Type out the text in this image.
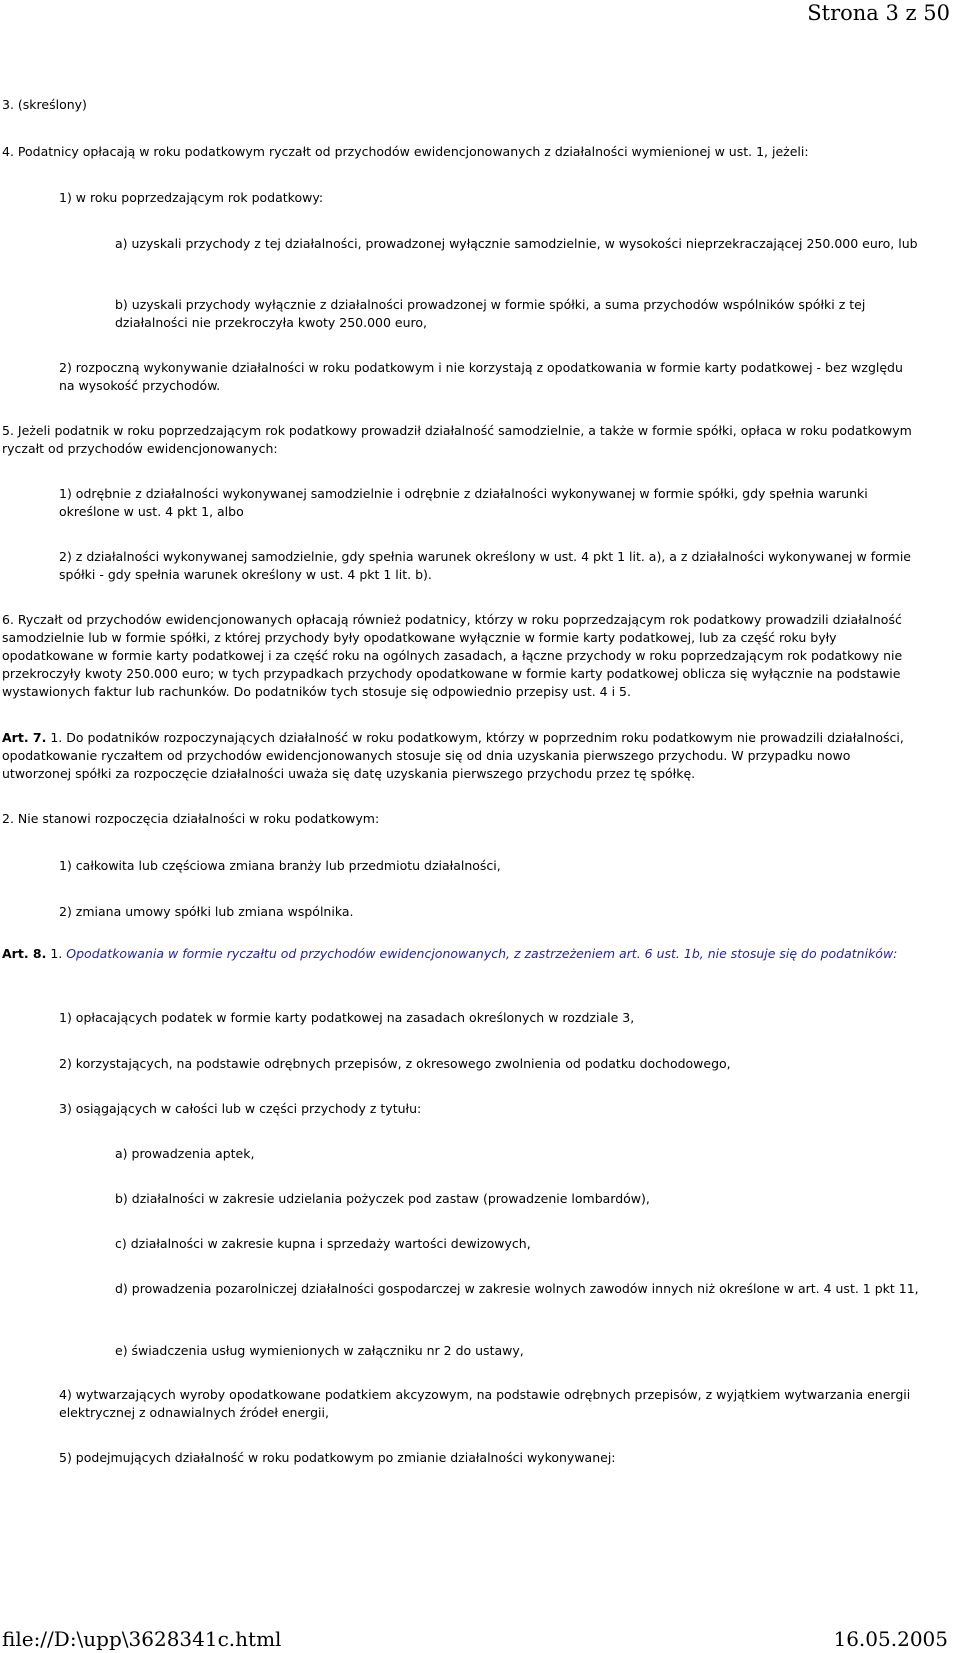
Strona 3 z 50

3. (skreślony)

4. Podatnicy opłacają w roku podatkowym ryczałt od przychodów ewidencjonowanych z działalności wymienionej w ust. 1, jeżeli:

1) w roku poprzedzającym rok podatkowy:

a) uzyskali przychody z tej działalności, prowadzonej wyłącznie samodzielnie, w wysokości nieprzekraczającej 250.000 euro, lub

b) uzyskali przychody wyłącznie z działalności prowadzonej w formie spółki, a suma przychodów wspólników spółki z tej działalności nie przekroczyła kwoty 250.000 euro,

2) rozpoczną wykonywanie działalności w roku podatkowym i nie korzystają z opodatkowania w formie karty podatkowej - bez względu na wysokość przychodów.

5. Jeżeli podatnik w roku poprzedzającym rok podatkowy prowadził działalność samodzielnie, a także w formie spółki, opłaca w roku podatkowym ryczałt od przychodów ewidencjonowanych:

1) odrębnie z działalności wykonywanej samodzielnie i odrębnie z działalności wykonywanej w formie spółki, gdy spełnia warunki określone w ust. 4 pkt 1, albo

2) z działalności wykonywanej samodzielnie, gdy spełnia warunek określony w ust. 4 pkt 1 lit. a), a z działalności wykonywanej w formie spółki - gdy spełnia warunek określony w ust. 4 pkt 1 lit. b).

6. Ryczałt od przychodów ewidencjonowanych opłacają również podatnicy, którzy w roku poprzedzającym rok podatkowy prowadzili działalność samodzielnie lub w formie spółki, z której przychody były opodatkowane wyłącznie w formie karty podatkowej, lub za część roku były opodatkowane w formie karty podatkowej i za część roku na ogólnych zasadach, a łączne przychody w roku poprzedzającym rok podatkowy nie przekroczyły kwoty 250.000 euro; w tych przypadkach przychody opodatkowane w formie karty podatkowej oblicza się wyłącznie na podstawie wystawionych faktur lub rachunków. Do podatników tych stosuje się odpowiednio przepisy ust. 4 i 5.

Art. 7. 1. Do podatników rozpoczynających działalność w roku podatkowym, którzy w poprzednim roku podatkowym nie prowadzili działalności, opodatkowanie ryczałtem od przychodów ewidencjonowanych stosuje się od dnia uzyskania pierwszego przychodu. W przypadku nowo utworzonej spółki za rozpoczęcie działalności uważa się datę uzyskania pierwszego przychodu przez tę spółkę.

2. Nie stanowi rozpoczęcia działalności w roku podatkowym:

1) całkowita lub częściowa zmiana branży lub przedmiotu działalności,

2) zmiana umowy spółki lub zmiana wspólnika.

Art. 8. 1. Opodatkowania w formie ryczałtu od przychodów ewidencjonowanych, z zastrzeżeniem art. 6 ust. 1b, nie stosuje się do podatników:

1) opłacających podatek w formie karty podatkowej na zasadach określonych w rozdziale 3,

2) korzystających, na podstawie odrębnych przepisów, z okresowego zwolnienia od podatku dochodowego,

3) osiągających w całości lub w części przychody z tytułu:

a) prowadzenia aptek,

b) działalności w zakresie udzielania pożyczek pod zastaw (prowadzenie lombardów),

c) działalności w zakresie kupna i sprzedaży wartości dewizowych,

d) prowadzenia pozarolniczej działalności gospodarczej w zakresie wolnych zawodów innych niż określone w art. 4 ust. 1 pkt 11,

e) świadczenia usług wymienionych w załączniku nr 2 do ustawy,

4) wytwarzających wyroby opodatkowane podatkiem akcyzowym, na podstawie odrębnych przepisów, z wyjątkiem wytwarzania energii elektrycznej z odnawialnych źródeł energii,

5) podejmujących działalność w roku podatkowym po zmianie działalności wykonywanej:

file://D:\upp\3628341c.html	16.05.2005
